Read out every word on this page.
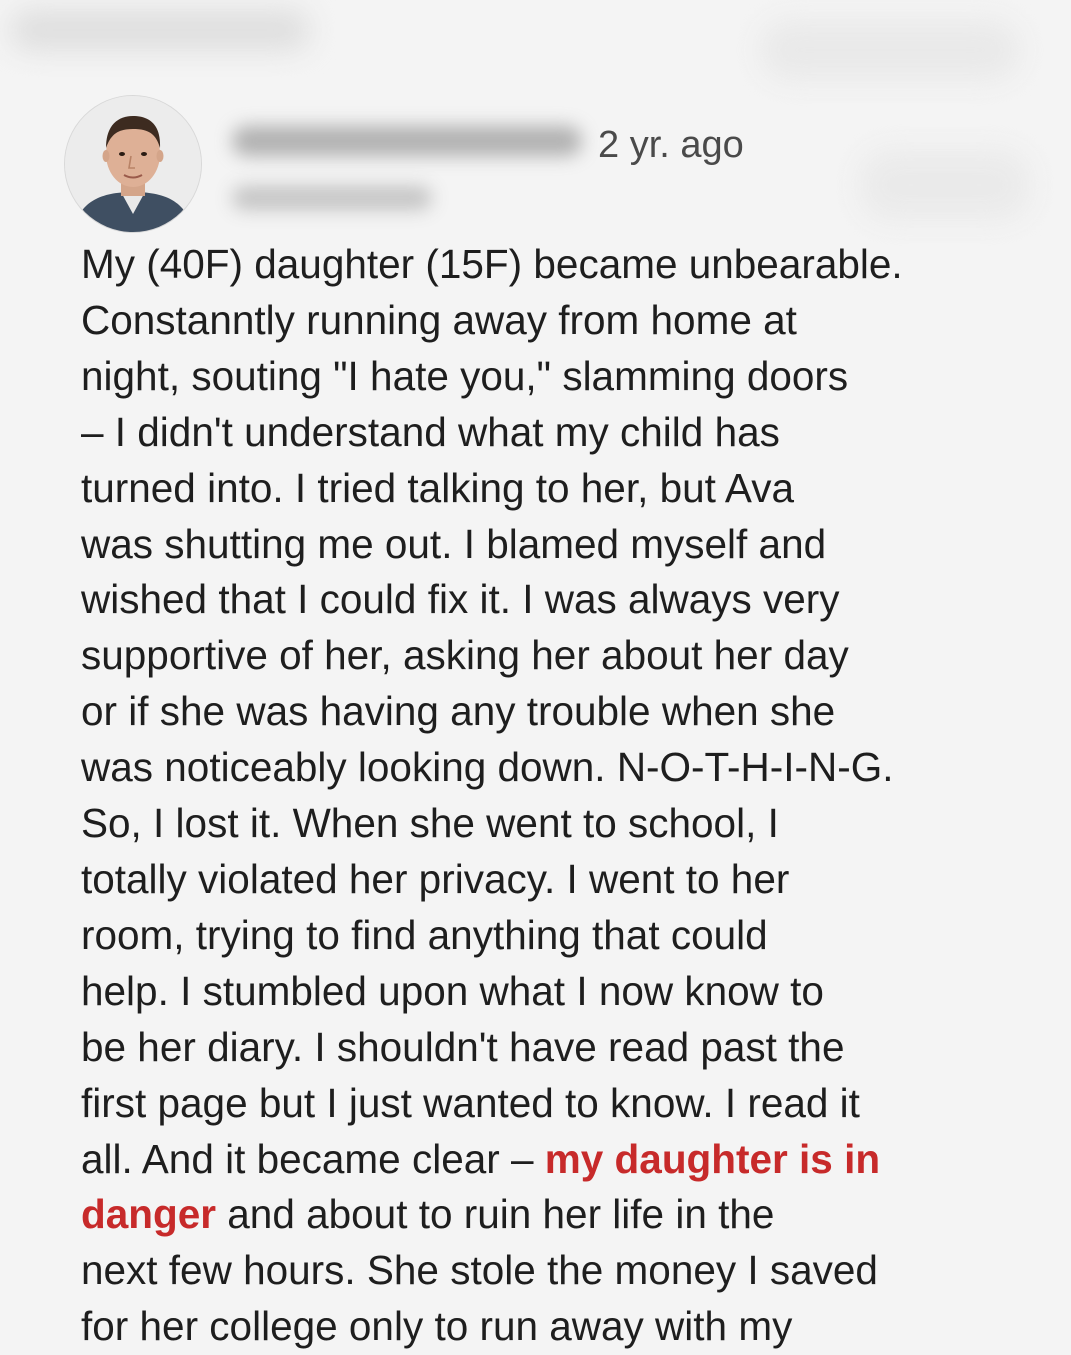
2 yr. ago
My (40F) daughter (15F) became unbearable.
Constanntly running away from home at
night, souting "I hate you," slamming doors
– I didn't understand what my child has
turned into. I tried talking to her, but Ava
was shutting me out. I blamed myself and
wished that I could fix it. I was always very
supportive of her, asking her about her day
or if she was having any trouble when she
was noticeably looking down. N-O-T-H-I-N-G.
So, I lost it. When she went to school, I
totally violated her privacy. I went to her
room, trying to find anything that could
help. I stumbled upon what I now know to
be her diary. I shouldn't have read past the
first page but I just wanted to know. I read it
all. And it became clear – my daughter is in
danger and about to ruin her life in the
next few hours. She stole the money I saved
for her college only to run away with my
